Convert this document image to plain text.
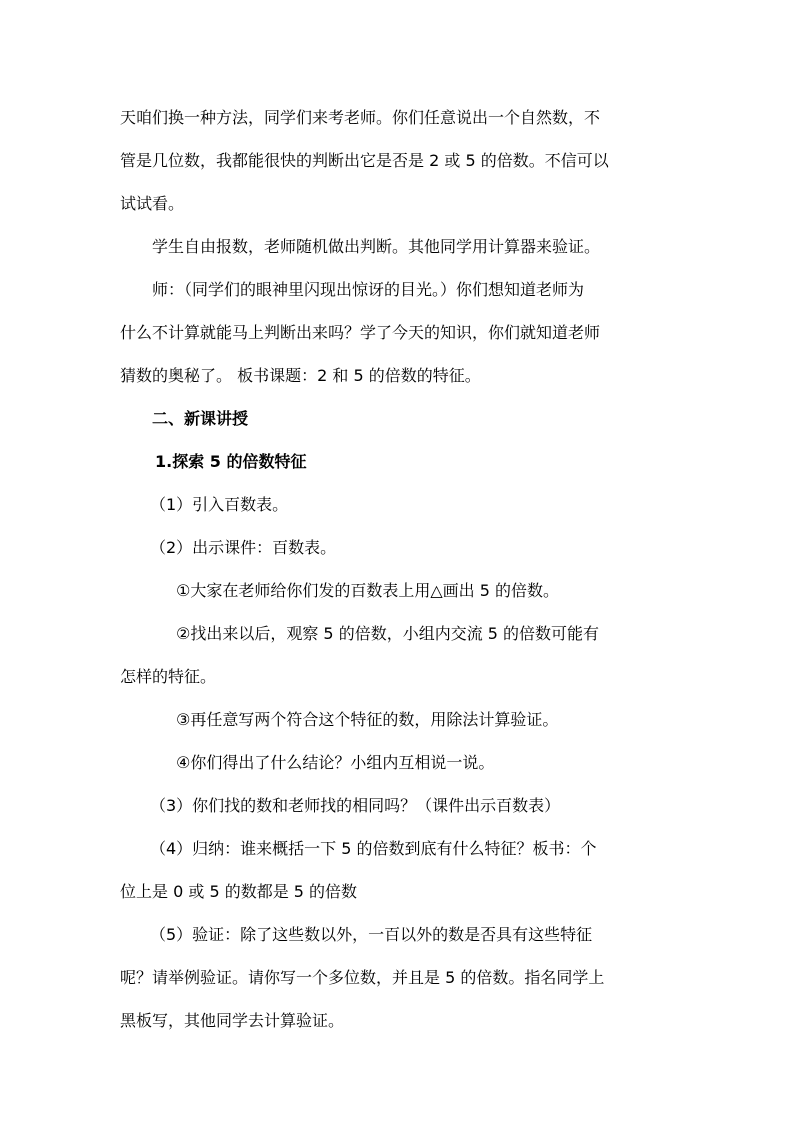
天咱们换一种方法，同学们来考老师。你们任意说出一个自然数，不
管是几位数，我都能很快的判断出它是否是 2 或 5 的倍数。不信可以
试试看。
学生自由报数，老师随机做出判断。其他同学用计算器来验证。
师：（同学们的眼神里闪现出惊讶的目光。）你们想知道老师为
什么不计算就能马上判断出来吗？学了今天的知识，你们就知道老师
猜数的奥秘了。 板书课题：2 和 5 的倍数的特征。
二、新课讲授
1.探索 5 的倍数特征
（1）引入百数表。
（2）出示课件：百数表。
①大家在老师给你们发的百数表上用△画出 5 的倍数。
②找出来以后，观察 5 的倍数，小组内交流 5 的倍数可能有
怎样的特征。
③再任意写两个符合这个特征的数，用除法计算验证。
④你们得出了什么结论？小组内互相说一说。
（3）你们找的数和老师找的相同吗？（课件出示百数表）
（4）归纳：谁来概括一下 5 的倍数到底有什么特征？板书：个
位上是 0 或 5 的数都是 5 的倍数
（5）验证：除了这些数以外，一百以外的数是否具有这些特征
呢？请举例验证。请你写一个多位数，并且是 5 的倍数。指名同学上
黑板写，其他同学去计算验证。
